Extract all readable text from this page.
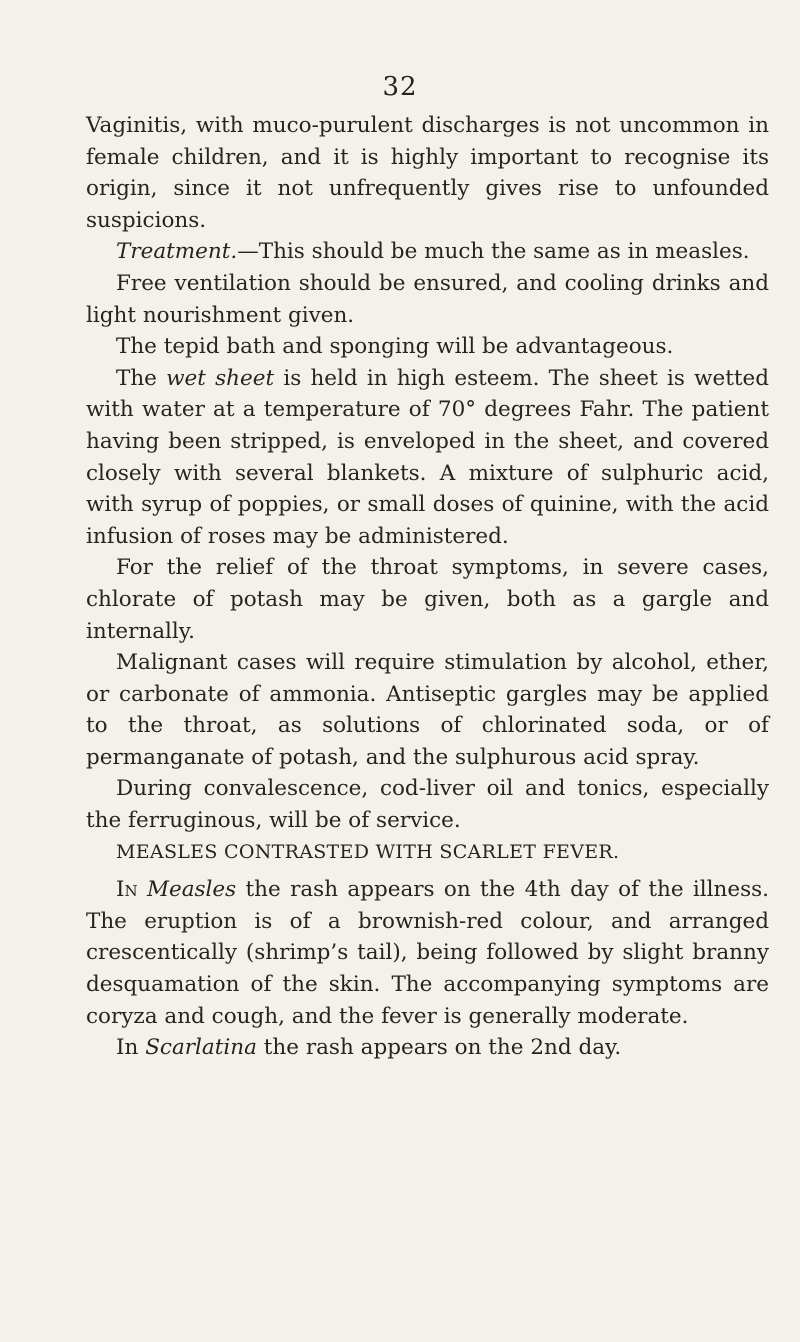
32

Vaginitis, with muco-purulent discharges is not uncommon in female children, and it is highly important to recognise its origin, since it not unfrequently gives rise to unfounded suspicions.

Treatment.—This should be much the same as in measles.

Free ventilation should be ensured, and cooling drinks and light nourishment given.

The tepid bath and sponging will be advantageous.

The wet sheet is held in high esteem. The sheet is wetted with water at a temperature of 70° degrees Fahr. The patient having been stripped, is enveloped in the sheet, and covered closely with several blankets. A mixture of sulphuric acid, with syrup of poppies, or small doses of quinine, with the acid infusion of roses may be administered.

For the relief of the throat symptoms, in severe cases, chlorate of potash may be given, both as a gargle and internally.

Malignant cases will require stimulation by alcohol, ether, or carbonate of ammonia. Antiseptic gargles may be applied to the throat, as solutions of chlorinated soda, or of permanganate of potash, and the sulphurous acid spray.

During convalescence, cod-liver oil and tonics, especially the ferruginous, will be of service.

MEASLES CONTRASTED WITH SCARLET FEVER.

In Measles the rash appears on the 4th day of the illness. The eruption is of a brownish-red colour, and arranged crescentically (shrimp’s tail), being followed by slight branny desquamation of the skin. The accompanying symptoms are coryza and cough, and the fever is generally moderate.

In Scarlatina the rash appears on the 2nd day.
